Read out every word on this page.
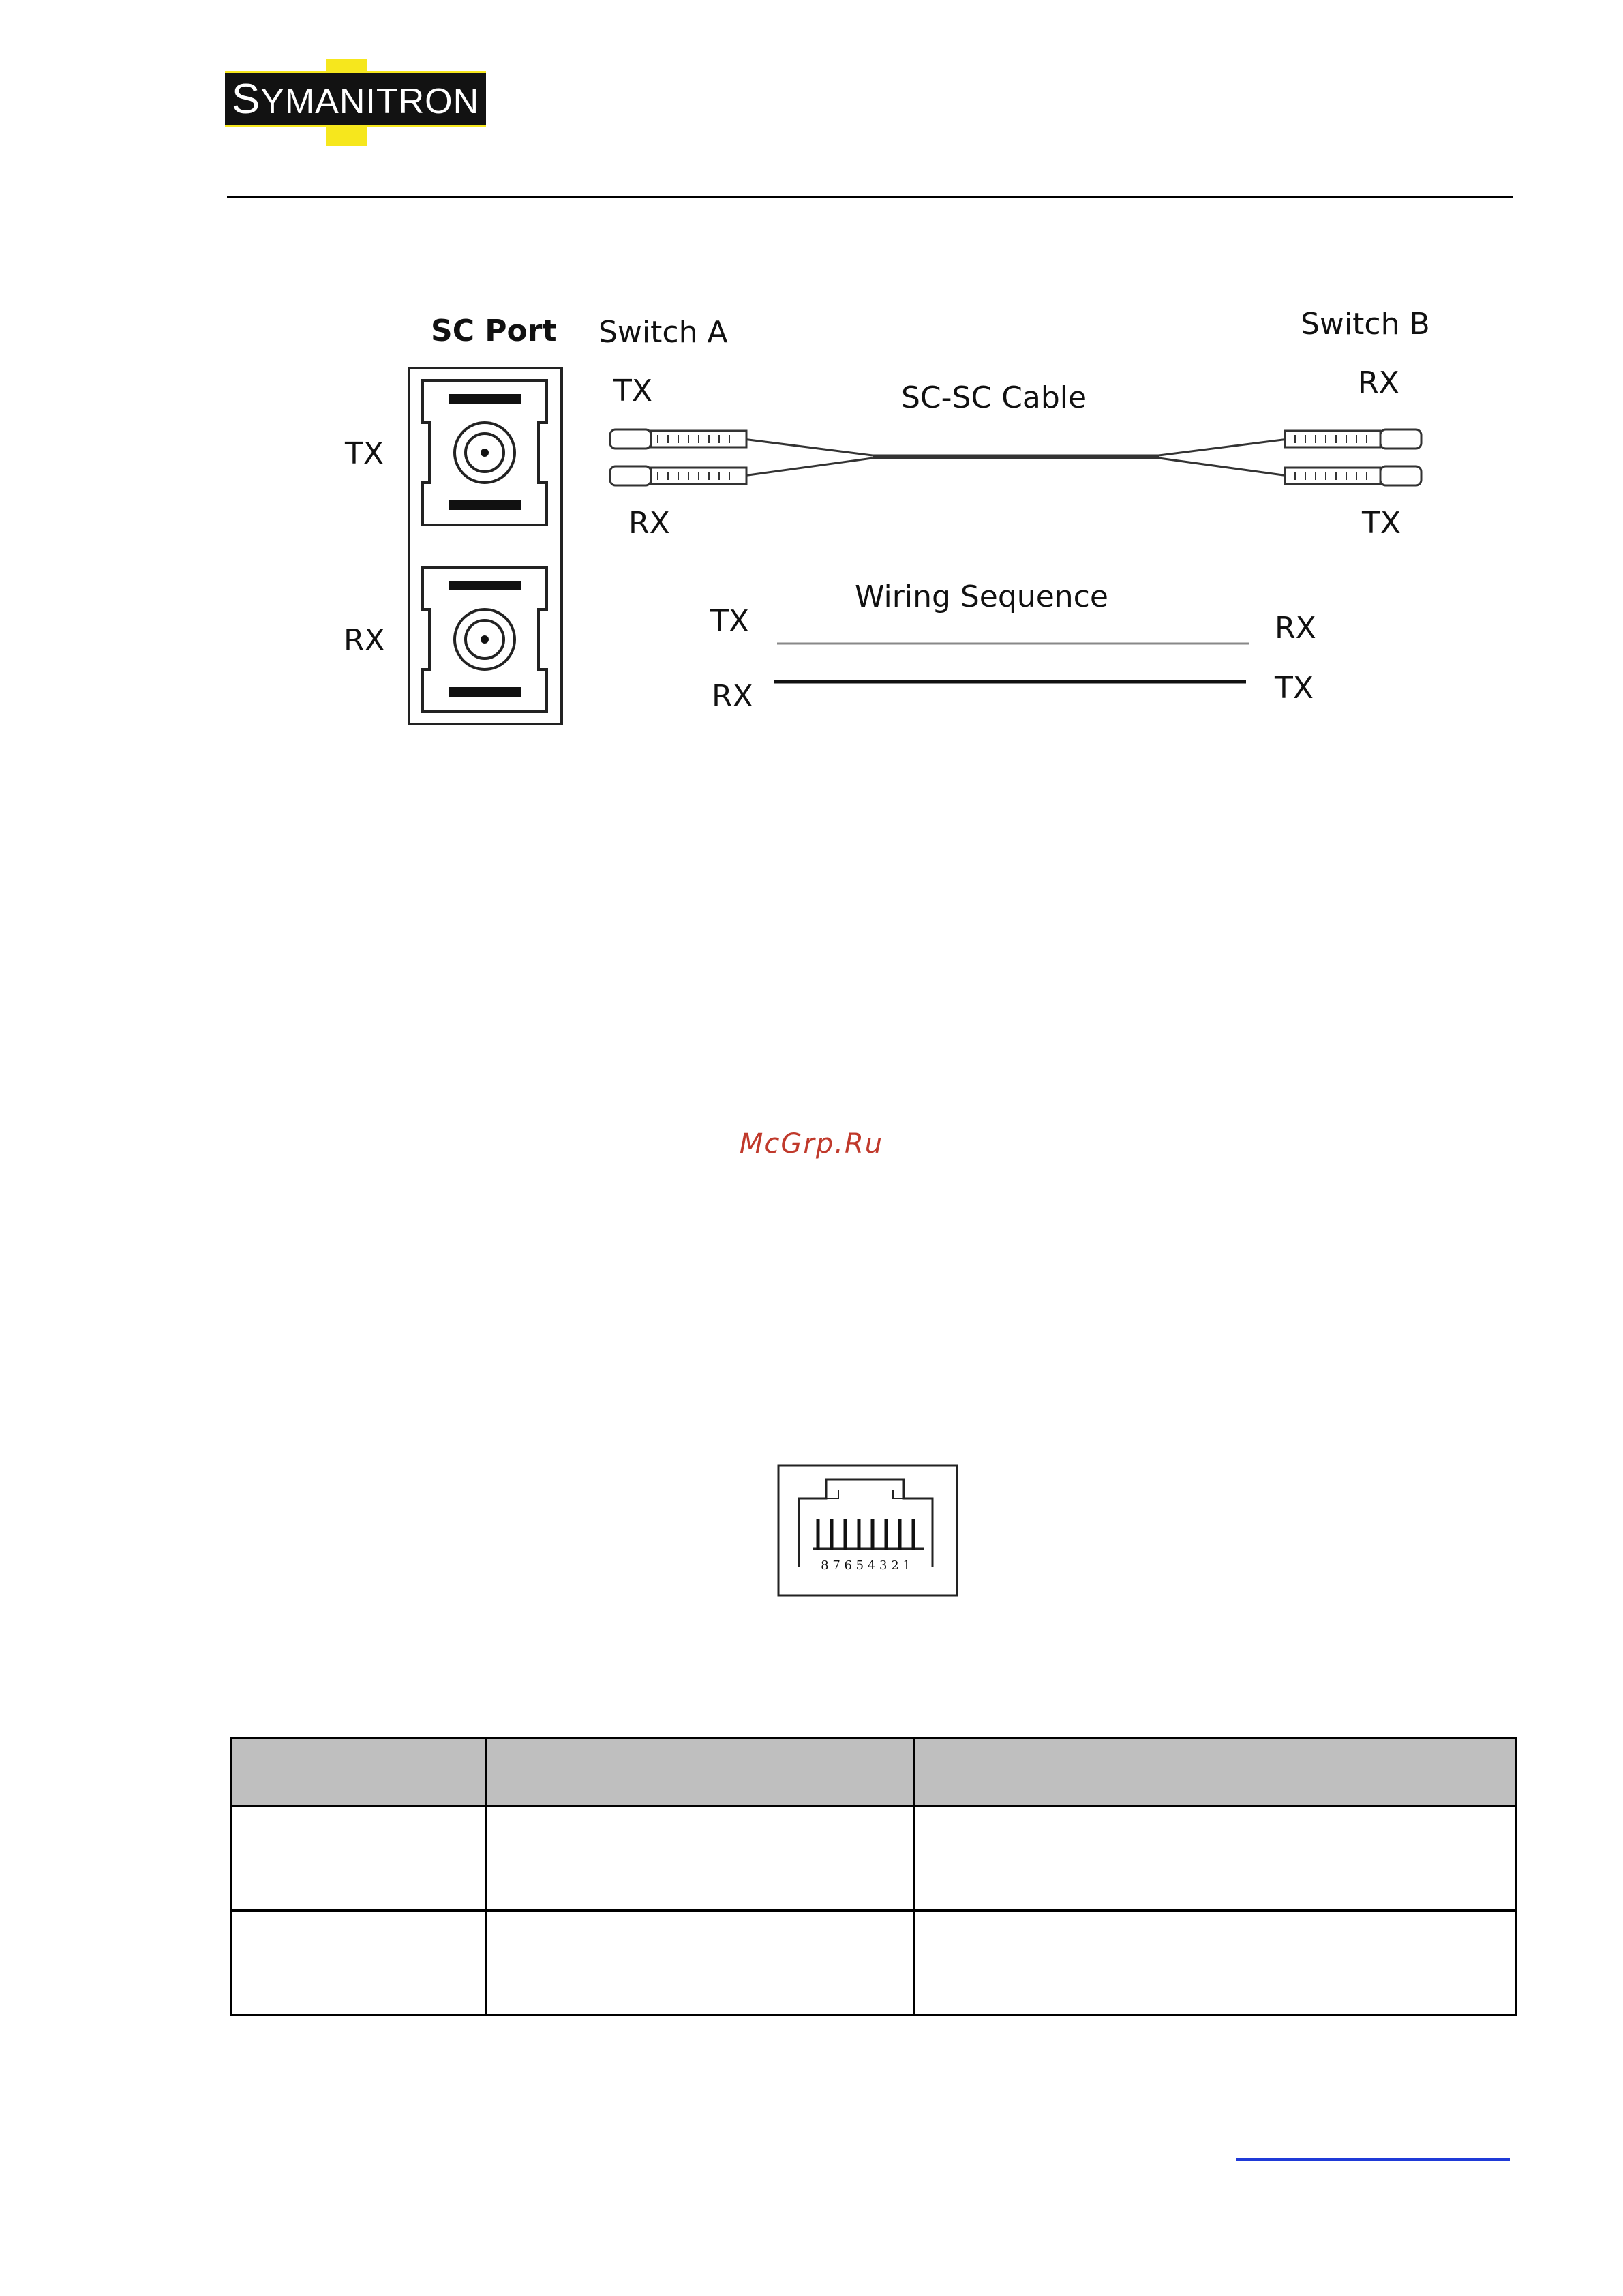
SYMANITRON
SC Port
TX
RX
Switch A	Switch B
SC-SC Cable
TX
RX
RX
TX
Wiring Sequence
TX
RX
RX
TX
McGrp.Ru
8 7 6 5 4 3 2 1
